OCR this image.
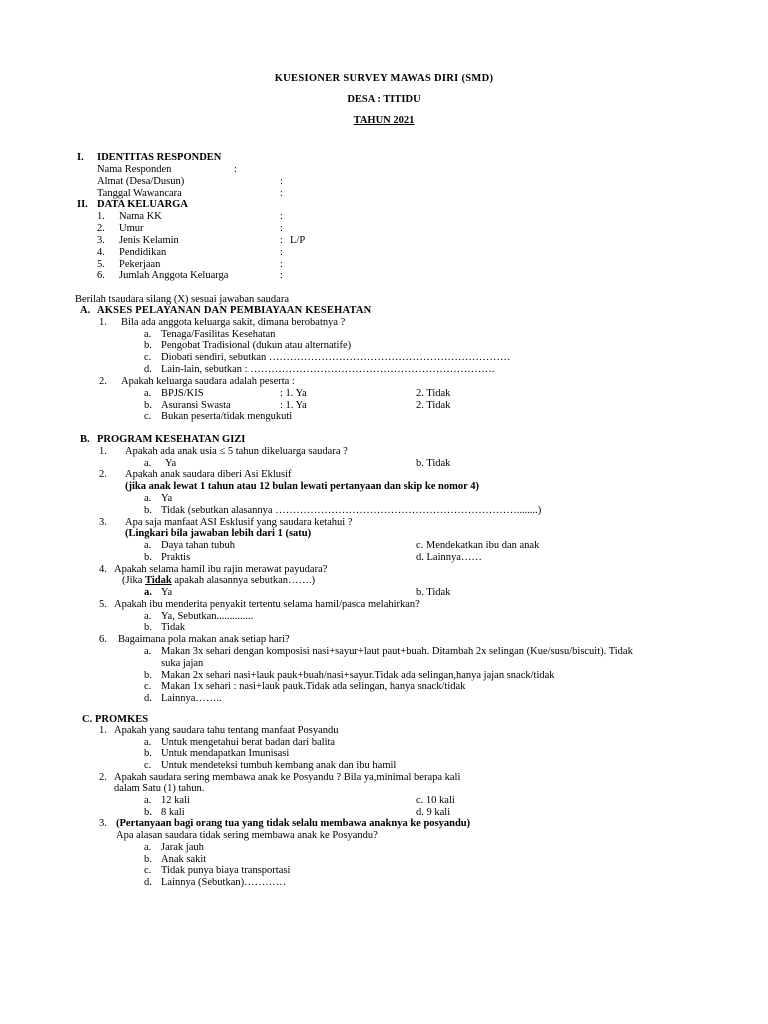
KUESIONER SURVEY MAWAS DIRI (SMD)
DESA : TITIDU
TAHUN 2021
I. IDENTITAS RESPONDEN
Nama Responden	:
Almat (Desa/Dusun)	:
Tanggal Wawancara	:
II. DATA KELUARGA
1. Nama KK	:
2. Umur	:
3. Jenis Kelamin	: L/P
4. Pendidikan	:
5. Pekerjaan	:
6. Jumlah Anggota Keluarga	:
Berilah tsaudara silang (X) sesuai jawaban saudara
A. AKSES PELAYANAN DAN PEMBIAYAAN KESEHATAN
1. Bila ada anggota keluarga sakit, dimana berobatnya ?
a. Tenaga/Fasilitas Kesehatan
b. Pengobat Tradisional (dukun atau alternatife)
c. Diobati sendiri, sebutkan ……………………………………………………………
d. Lain-lain, sebutkan : …………………………………………………………….
2. Apakah keluarga saudara adalah peserta :
a. BPJS/KIS	: 1. Ya	2. Tidak
b. Asuransi Swasta	: 1. Ya	2. Tidak
c. Bukan peserta/tidak mengukuti
B. PROGRAM KESEHATAN GIZI
1. Apakah ada anak usia ≤ 5 tahun dikeluarga saudara ?
a. Ya	b. Tidak
2. Apakah anak saudara diberi Asi Eklusif
(jika anak lewat 1 tahun atau 12 bulan lewati pertanyaan dan skip ke nomor 4)
a. Ya
b. Tidak (sebutkan alasannya ……………………………………………………………........)
3. Apa saja manfaat ASI Esklusif yang saudara ketahui ?
(Lingkari bila jawaban lebih dari 1 (satu)
a. Daya tahan tubuh	c. Mendekatkan ibu dan anak
b. Praktis	d. Lainnya……
4. Apakah selama hamil ibu rajin merawat payudara?
(Jika Tidak apakah alasannya sebutkan…….)
a. Ya	b. Tidak
5. Apakah ibu menderita penyakit tertentu selama hamil/pasca melahirkan?
a. Ya, Sebutkan..............
b. Tidak
6. Bagaimana pola makan anak setiap hari?
a. Makan 3x sehari dengan komposisi nasi+sayur+laut paut+buah. Ditambah 2x selingan (Kue/susu/biscuit). Tidak
suka jajan
b. Makan 2x sehari nasi+lauk pauk+buah/nasi+sayur.Tidak ada selingan,hanya jajan snack/tidak
c. Makan 1x sehari : nasi+lauk pauk.Tidak ada selingan, hanya snack/tidak
d. Lainnya……..
C. PROMKES
1. Apakah yang saudara tahu tentang manfaat Posyandu
a. Untuk mengetahui berat badan dari balita
b. Untuk mendapatkan Imunisasi
c. Untuk mendeteksi tumbuh kembang anak dan ibu hamil
2. Apakah saudara sering membawa anak ke Posyandu ? Bila ya,minimal berapa kali
dalam Satu (1) tahun.
a. 12 kali	c. 10 kali
b. 8 kali	d. 9 kali
3. (Pertanyaan bagi orang tua yang tidak selalu membawa anaknya ke posyandu)
Apa alasan saudara tidak sering membawa anak ke Posyandu?
a. Jarak jauh
b. Anak sakit
c. Tidak punya biaya transportasi
d. Lainnya (Sebutkan)…………
